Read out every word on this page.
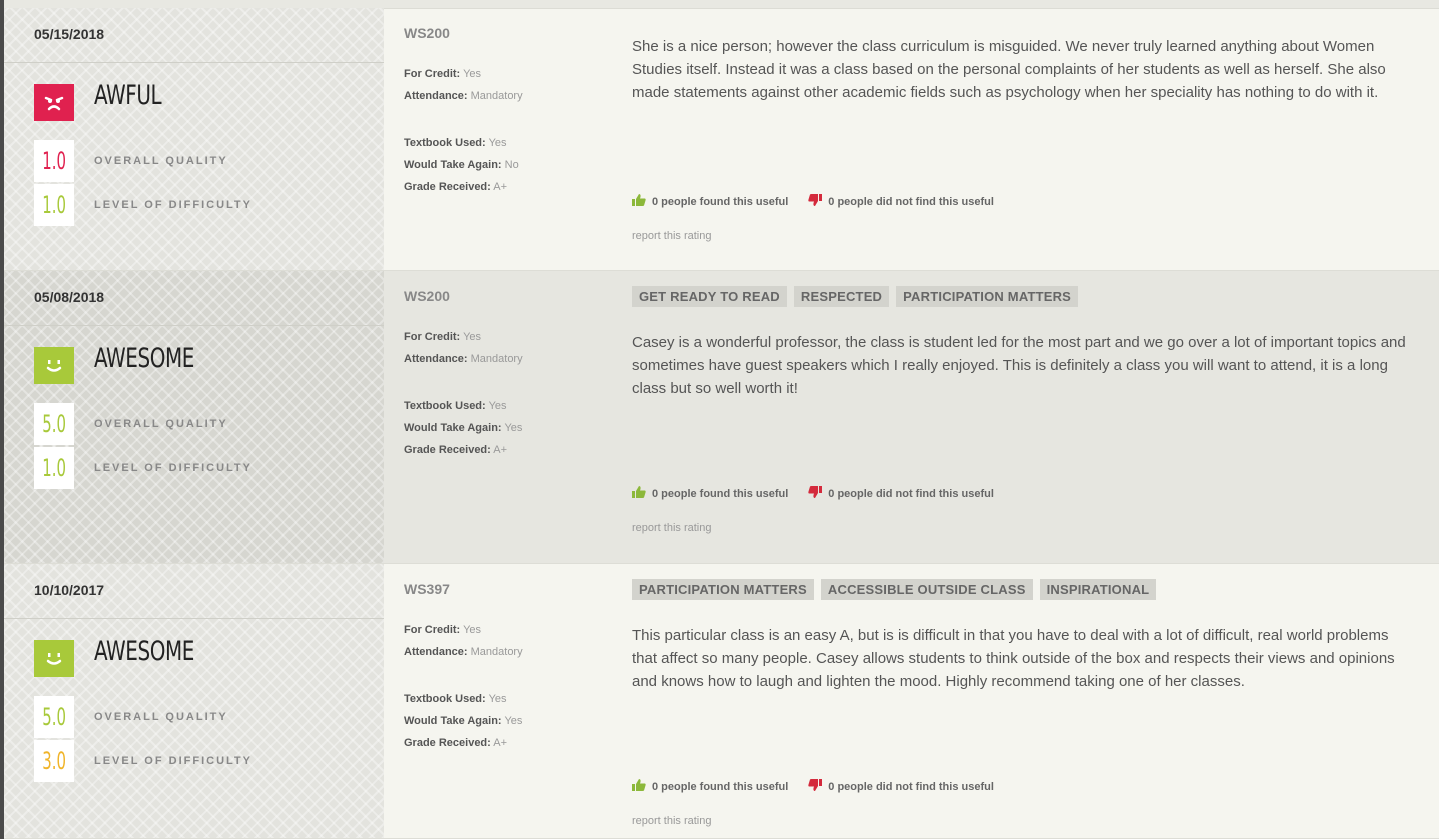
05/15/2018
AWFUL
1.0	OVERALL QUALITY
1.0	LEVEL OF DIFFICULTY
WS200
For Credit: Yes
Attendance: Mandatory
Textbook Used: Yes
Would Take Again: No
Grade Received: A+
She is a nice person; however the class curriculum is misguided. We never truly learned anything about Women Studies itself. Instead it was a class based on the personal complaints of her students as well as herself. She also made statements against other academic fields such as psychology when her speciality has nothing to do with it.
0 people found this useful	0 people did not find this useful
report this rating
05/08/2018
AWESOME
5.0	OVERALL QUALITY
1.0	LEVEL OF DIFFICULTY
WS200
For Credit: Yes
Attendance: Mandatory
Textbook Used: Yes
Would Take Again: Yes
Grade Received: A+
GET READY TO READ	RESPECTED	PARTICIPATION MATTERS
Casey is a wonderful professor, the class is student led for the most part and we go over a lot of important topics and sometimes have guest speakers which I really enjoyed. This is definitely a class you will want to attend, it is a long class but so well worth it!
0 people found this useful	0 people did not find this useful
report this rating
10/10/2017
AWESOME
5.0	OVERALL QUALITY
3.0	LEVEL OF DIFFICULTY
WS397
For Credit: Yes
Attendance: Mandatory
Textbook Used: Yes
Would Take Again: Yes
Grade Received: A+
PARTICIPATION MATTERS	ACCESSIBLE OUTSIDE CLASS	INSPIRATIONAL
This particular class is an easy A, but is is difficult in that you have to deal with a lot of difficult, real world problems that affect so many people. Casey allows students to think outside of the box and respects their views and opinions and knows how to laugh and lighten the mood. Highly recommend taking one of her classes.
0 people found this useful	0 people did not find this useful
report this rating
